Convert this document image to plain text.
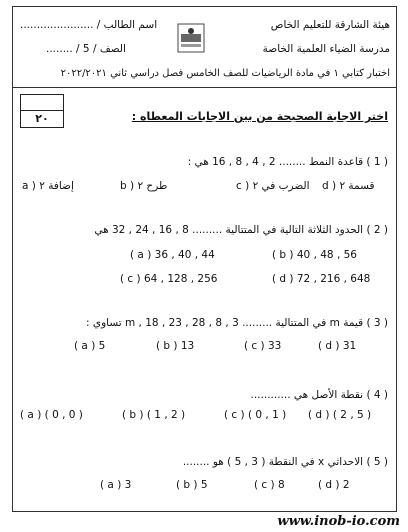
هيئة الشارقة للتعليم الخاص
اسم الطالب / ......................
مدرسة الضياء العلمية الخاصة
الصف / 5 / ........
اختبار كتابي ١ في مادة الرياضيات للصف الخامس فصل دراسي ثاني ٢٠٢٢/٢٠٢١
٢٠	اختر الاجابة الصحيحة من بين الاجابات المعطاه :
( 1 ) قاعدة النمط ........ 2 , 4 , 8 , 16 هي :
قسمة ٢ ( d
الضرب في ٢ ( c
طرح ٢ ( b
إضافة ٢ ( a
( 2 ) الحدود الثلاثة التالية في المتتالية ......... 8 , 16 , 24 , 32 هي
( a ) 36 , 40 , 44	( b ) 40 , 48 , 56
( c ) 64 , 128 , 256	( d ) 72 , 216 , 648
( 3 ) قيمة m في المتتالية ......... 3 , 8 , m , 18 , 23 , 28 تساوي :
( a ) 5	( b ) 13	( c ) 33	( d ) 31
( 4 ) نقطة الأصل هي ............
( a ) ( 0 , 0 )	( b ) ( 1 , 2 )	( c ) ( 0 , 1 ) ( d ) ( 2 , 5 )
( 5 ) الاحداثي x في النقطة ( 3 , 5 ) هو ........
( a ) 3	( b ) 5	( c ) 8	( d ) 2
www.inob-io.com
